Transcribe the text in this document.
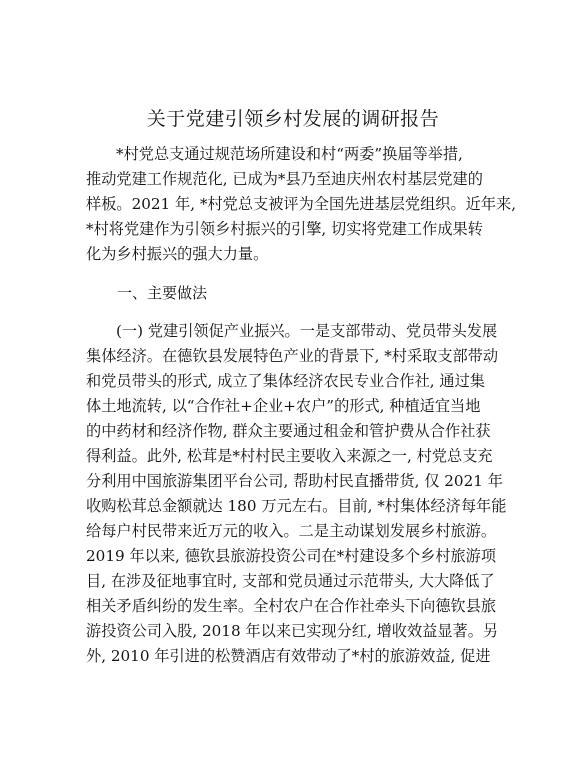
关于党建引领乡村发展的调研报告
*村党总支通过规范场所建设和村“两委”换届等举措,
推动党建工作规范化, 已成为*县乃至迪庆州农村基层党建的
样板。2021 年, *村党总支被评为全国先进基层党组织。近年来,
*村将党建作为引领乡村振兴的引擎, 切实将党建工作成果转
化为乡村振兴的强大力量。
一、主要做法
(一) 党建引领促产业振兴。一是支部带动、党员带头发展
集体经济。在德钦县发展特色产业的背景下, *村采取支部带动
和党员带头的形式, 成立了集体经济农民专业合作社, 通过集
体土地流转, 以“合作社+企业+农户”的形式, 种植适宜当地
的中药材和经济作物, 群众主要通过租金和管护费从合作社获
得利益。此外, 松茸是*村村民主要收入来源之一, 村党总支充
分利用中国旅游集团平台公司, 帮助村民直播带货, 仅 2021 年
收购松茸总金额就达 180 万元左右。目前, *村集体经济每年能
给每户村民带来近万元的收入。二是主动谋划发展乡村旅游。
2019 年以来, 德钦县旅游投资公司在*村建设多个乡村旅游项
目, 在涉及征地事宜时, 支部和党员通过示范带头, 大大降低了
相关矛盾纠纷的发生率。全村农户在合作社牵头下向德钦县旅
游投资公司入股, 2018 年以来已实现分红, 增收效益显著。另
外, 2010 年引进的松赞酒店有效带动了*村的旅游效益, 促进
